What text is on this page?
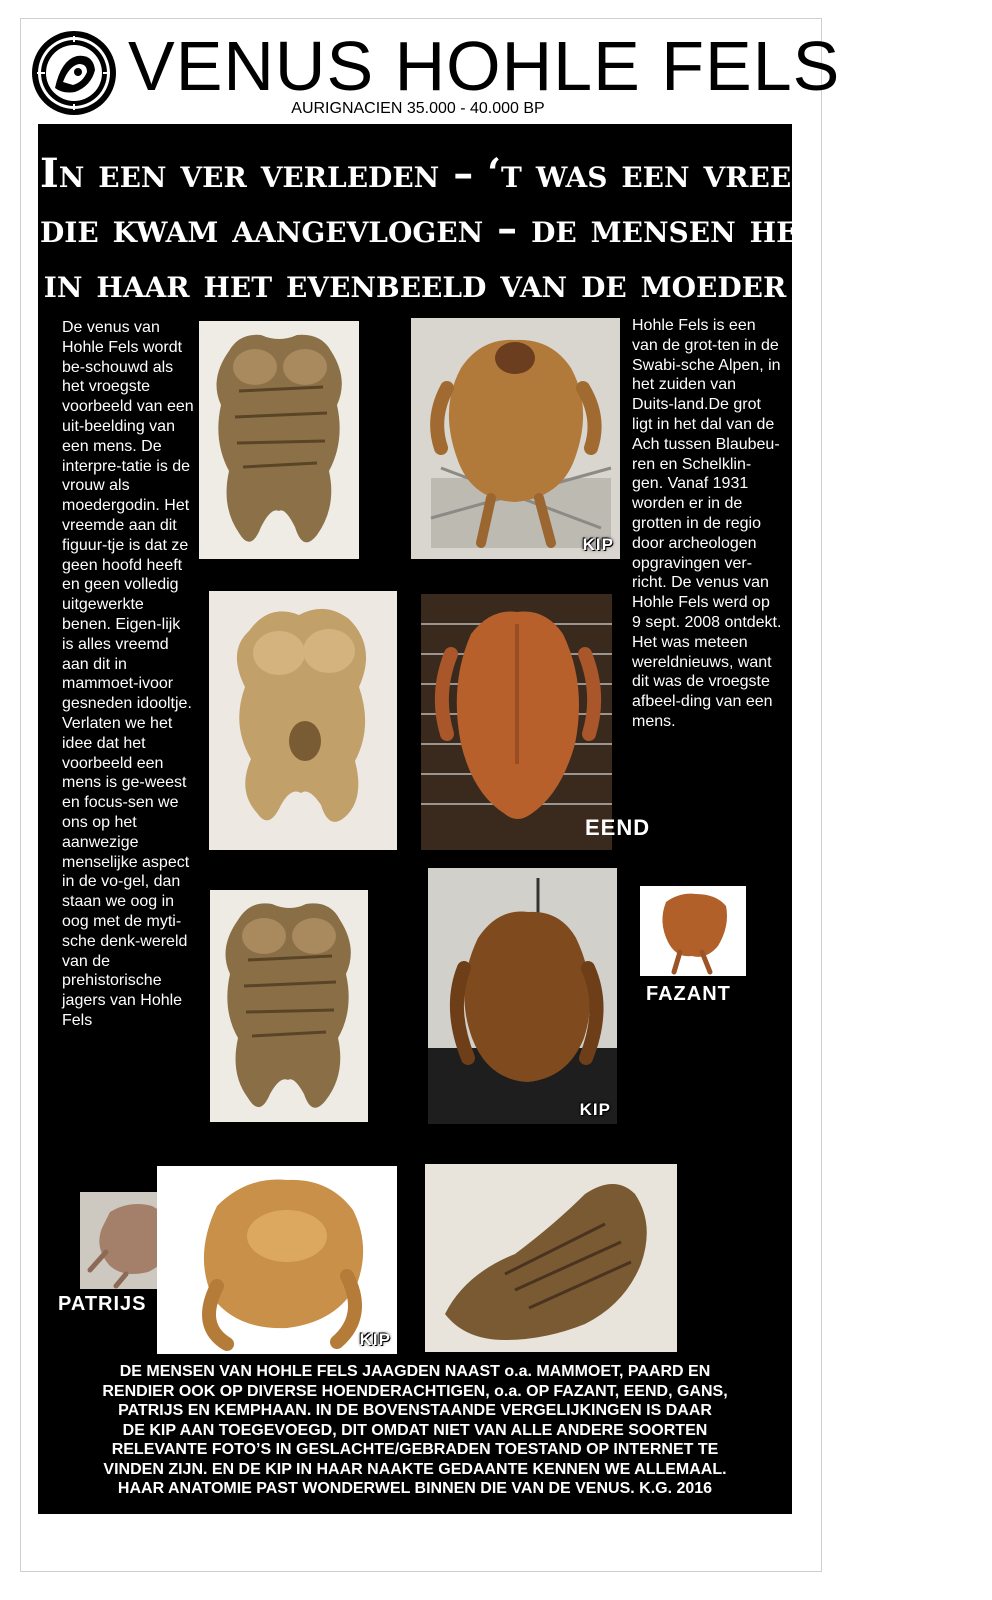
VENUS HOHLE FELS
AURIGNACIEN 35.000 - 40.000 BP
In een ver verleden – ‘t was een vreemde vogel
die kwam aangevlogen – de mensen herkenden
in haar het evenbeeld van de moeder
De venus van Hohle Fels wordt be-schouwd als het vroegste voorbeeld van een uit-beelding van een mens. De interpre-tatie is de vrouw als moedergodin. Het vreemde aan dit figuur-tje is dat ze geen hoofd heeft en geen volledig uitgewerkte benen. Eigen-lijk is alles vreemd aan dit in mammoet-ivoor gesneden idooltje. Verlaten we het idee dat het voorbeeld een mens is ge-weest en focus-sen we ons op het aanwezige menselijke aspect in de vo-gel, dan staan we oog in oog met de myti-sche denk-wereld van de prehistorische jagers van Hohle Fels
Hohle Fels is een van de grot-ten in de Swabi-sche Alpen, in het zuiden van Duits-land.De grot ligt in het dal van de Ach tussen Blaubeu-ren en Schelklin-gen. Vanaf 1931 worden er in de grotten in de regio door archeologen opgravingen ver-richt. De venus van Hohle Fels werd op 9 sept. 2008 ontdekt. Het was meteen wereldnieuws, want dit was de vroegste afbeel-ding van een mens.
KIP
EEND
KIP
FAZANT
PATRIJS
KIP
DE MENSEN VAN HOHLE FELS JAAGDEN NAAST o.a. MAMMOET, PAARD EN
RENDIER OOK OP DIVERSE HOENDERACHTIGEN, o.a. OP FAZANT, EEND, GANS,
PATRIJS EN KEMPHAAN. IN DE BOVENSTAANDE VERGELIJKINGEN IS DAAR
DE KIP AAN TOEGEVOEGD, DIT OMDAT NIET VAN ALLE ANDERE SOORTEN
RELEVANTE FOTO’S IN GESLACHTE/GEBRADEN TOESTAND OP INTERNET TE
VINDEN ZIJN. EN DE KIP IN HAAR NAAKTE GEDAANTE KENNEN WE ALLEMAAL.
HAAR ANATOMIE PAST WONDERWEL BINNEN DIE VAN DE VENUS. K.G. 2016
